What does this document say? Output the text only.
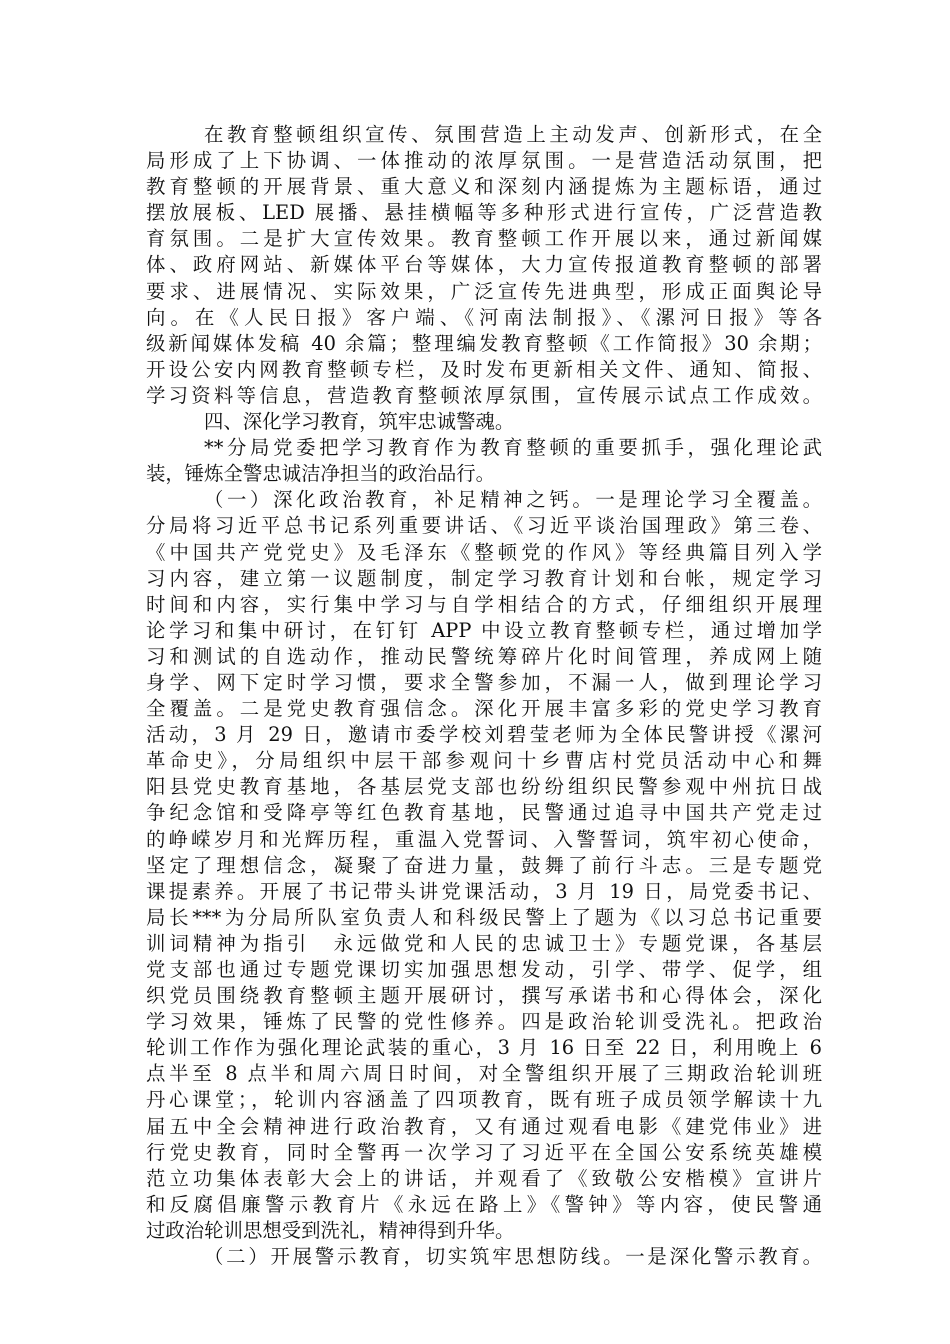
在教育整顿组织宣传、氛围营造上主动发声、创新形式，在全
局形成了上下协调、一体推动的浓厚氛围。一是营造活动氛围，把
教育整顿的开展背景、重大意义和深刻内涵提炼为主题标语，通过
摆放展板、LED 展播、悬挂横幅等多种形式进行宣传，广泛营造教
育氛围。二是扩大宣传效果。教育整顿工作开展以来，通过新闻媒
体、政府网站、新媒体平台等媒体，大力宣传报道教育整顿的部署
要求、进展情况、实际效果，广泛宣传先进典型，形成正面舆论导
向。在《人民日报》客户端、《河南法制报》、《漯河日报》等各
级新闻媒体发稿 40 余篇；整理编发教育整顿《工作简报》30 余期；
开设公安内网教育整顿专栏，及时发布更新相关文件、通知、简报、
学习资料等信息，营造教育整顿浓厚氛围，宣传展示试点工作成效。
四、深化学习教育，筑牢忠诚警魂。
**分局党委把学习教育作为教育整顿的重要抓手，强化理论武
装，锤炼全警忠诚洁净担当的政治品行。
（一）深化政治教育，补足精神之钙。一是理论学习全覆盖。
分局将习近平总书记系列重要讲话、《习近平谈治国理政》第三卷、
《中国共产党党史》及毛泽东《整顿党的作风》等经典篇目列入学
习内容，建立第一议题制度，制定学习教育计划和台帐，规定学习
时间和内容，实行集中学习与自学相结合的方式，仔细组织开展理
论学习和集中研讨，在钉钉 APP 中设立教育整顿专栏，通过增加学
习和测试的自选动作，推动民警统筹碎片化时间管理，养成网上随
身学、网下定时学习惯，要求全警参加，不漏一人，做到理论学习
全覆盖。二是党史教育强信念。深化开展丰富多彩的党史学习教育
活动，3 月 29 日，邀请市委学校刘碧莹老师为全体民警讲授《漯河
革命史》，分局组织中层干部参观问十乡曹店村党员活动中心和舞
阳县党史教育基地，各基层党支部也纷纷组织民警参观中州抗日战
争纪念馆和受降亭等红色教育基地，民警通过追寻中国共产党走过
的峥嵘岁月和光辉历程，重温入党誓词、入警誓词，筑牢初心使命，
坚定了理想信念，凝聚了奋进力量，鼓舞了前行斗志。三是专题党
课提素养。开展了书记带头讲党课活动，3 月 19 日，局党委书记、
局长***为分局所队室负责人和科级民警上了题为《以习总书记重要
训词精神为指引　永远做党和人民的忠诚卫士》专题党课，各基层
党支部也通过专题党课切实加强思想发动，引学、带学、促学，组
织党员围绕教育整顿主题开展研讨，撰写承诺书和心得体会，深化
学习效果，锤炼了民警的党性修养。四是政治轮训受洗礼。把政治
轮训工作作为强化理论武装的重心，3 月 16 日至 22 日，利用晚上 6
点半至 8 点半和周六周日时间，对全警组织开展了三期政治轮训班
丹心课堂；，轮训内容涵盖了四项教育，既有班子成员领学解读十九
届五中全会精神进行政治教育，又有通过观看电影《建党伟业》进
行党史教育，同时全警再一次学习了习近平在全国公安系统英雄模
范立功集体表彰大会上的讲话，并观看了《致敬公安楷模》宣讲片
和反腐倡廉警示教育片《永远在路上》《警钟》等内容，使民警通
过政治轮训思想受到洗礼，精神得到升华。
（二）开展警示教育，切实筑牢思想防线。一是深化警示教育。
